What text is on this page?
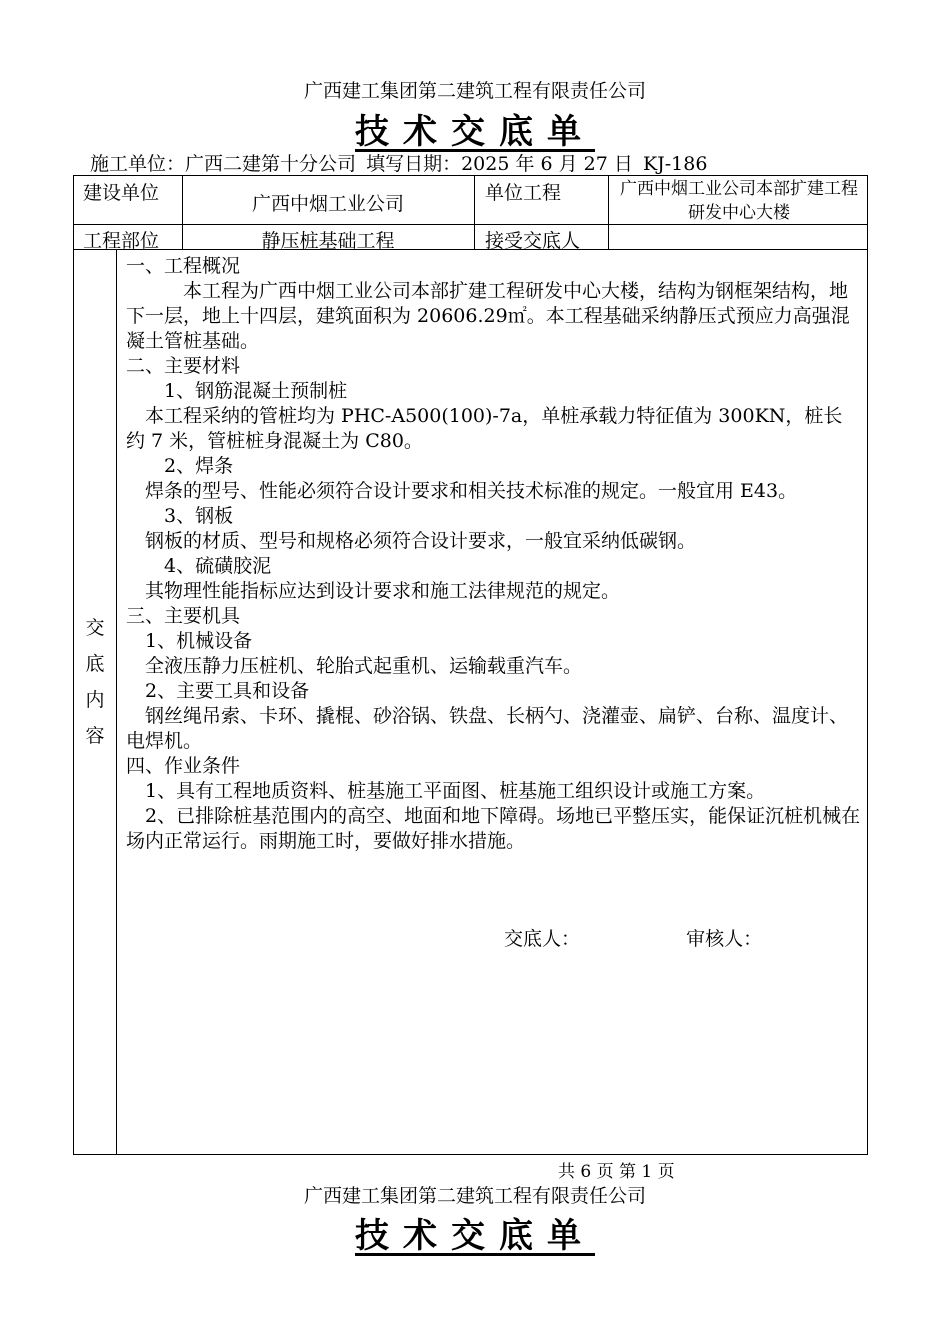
广西建工集团第二建筑工程有限责任公司
技术交底单
施工单位：广西二建第十分公司 填写日期：2025 年 6 月 27 日 KJ-186
建设单位	广西中烟工业公司	单位工程	广西中烟工业公司本部扩建工程研发中心大楼
工程部位	静压桩基础工程	接受交底人
交
底
内
容

一、工程概况

　　　本工程为广西中烟工业公司本部扩建工程研发中心大楼，结构为钢框架结构，地下一层，地上十四层，建筑面积为 20606.29㎡。本工程基础采纳静压式预应力高强混凝土管桩基础。

二、主要材料

　　1、钢筋混凝土预制桩

　本工程采纳的管桩均为 PHC-A500(100)-7a，单桩承载力特征值为 300KN，桩长约 7 米，管桩桩身混凝土为 C80。

　　2、焊条

　焊条的型号、性能必须符合设计要求和相关技术标准的规定。一般宜用 E43。

　　3、钢板

　钢板的材质、型号和规格必须符合设计要求，一般宜采纳低碳钢。

　　4、硫磺胶泥

　其物理性能指标应达到设计要求和施工法律规范的规定。

三、主要机具

　1、机械设备

　全液压静力压桩机、轮胎式起重机、运输载重汽车。

　2、主要工具和设备

　钢丝绳吊索、卡环、撬棍、砂浴锅、铁盘、长柄勺、浇灌壶、扁铲、台称、温度计、电焊机。

四、作业条件

　1、具有工程地质资料、桩基施工平面图、桩基施工组织设计或施工方案。

　2、已排除桩基范围内的高空、地面和地下障碍。场地已平整压实，能保证沉桩机械在场内正常运行。雨期施工时，要做好排水措施。

交底人：	审核人：
共 6 页 第 1 页
广西建工集团第二建筑工程有限责任公司
技术交底单
